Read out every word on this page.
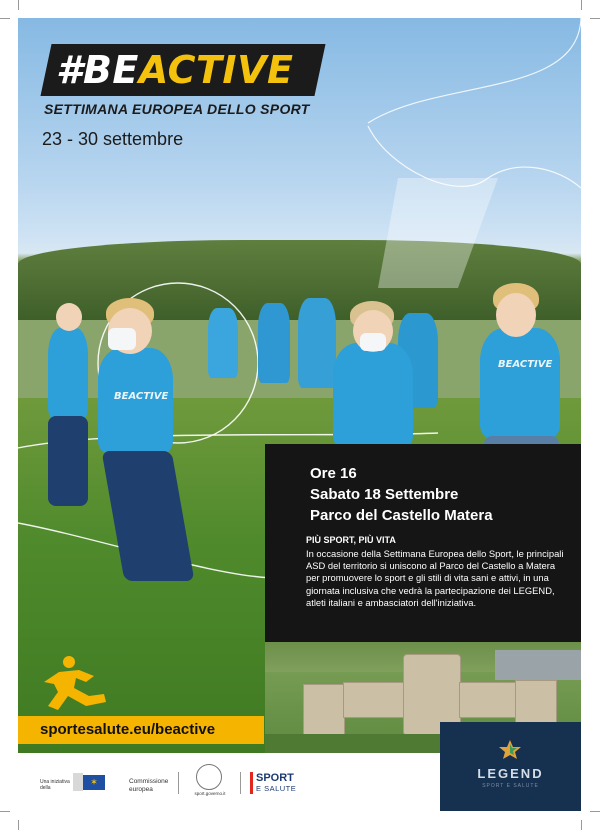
BEACTIVE
BEACTIVE
#BEACTIVE
SETTIMANA EUROPEA DELLO SPORT
23 - 30 settembre
Ore 16
Sabato 18 Settembre
Parco del Castello Matera
PIÙ SPORT, PIÙ VITA
In occasione della Settimana Europea dello Sport, le principali ASD del territorio si uniscono al Parco del Castello a Matera per promuovere lo sport e gli stili di vita sani e attivi, in una giornata inclusiva che vedrà la partecipazione dei LEGEND, atleti italiani e ambasciatori dell'iniziativa.
sportesalute.eu/beactive
LEGEND
SPORT E SALUTE
Una iniziativa della
✶	Commissione europea
sport.governo.it
SPORT
E SALUTE
